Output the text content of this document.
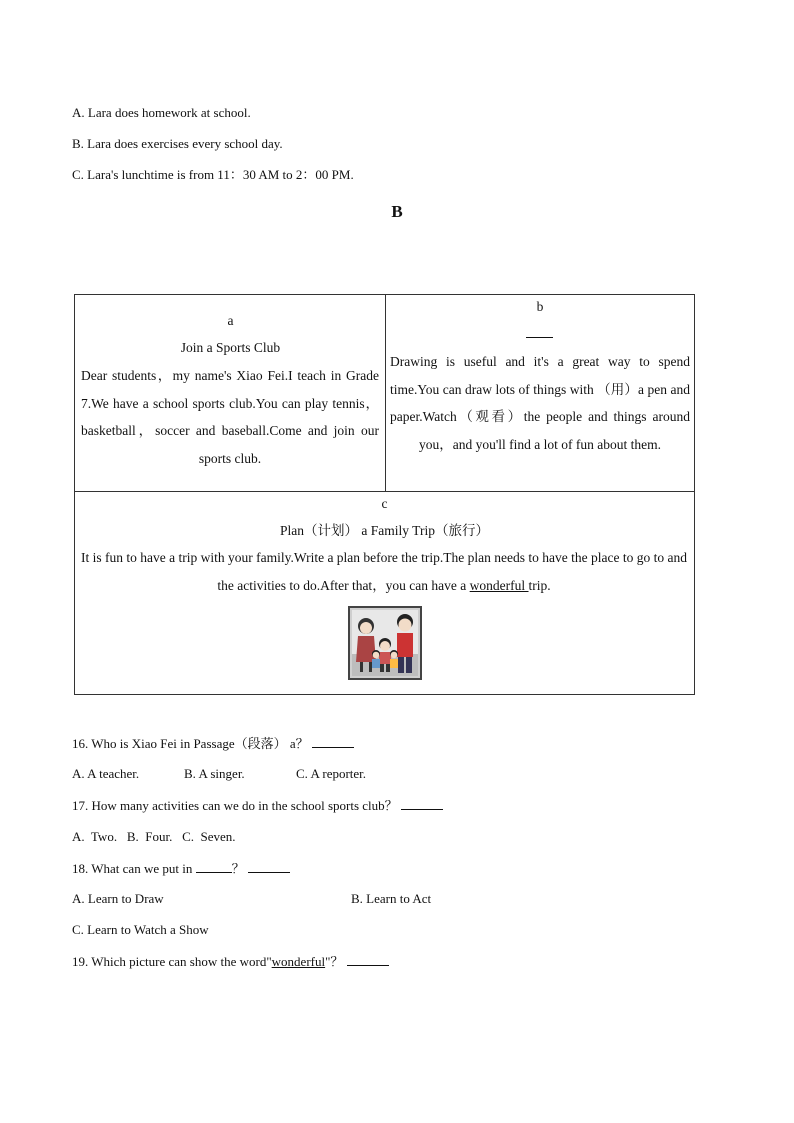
A. Lara does homework at school.
B. Lara does exercises every school day.
C. Lara's lunchtime is from 11：30 AM to 2：00 PM.
B
a
Join a Sports Club
Dear students，my name's Xiao Fei.I teach in Grade 7.We have a school sports club.You can play tennis，basketball，soccer and baseball.Come and join our sports club.
b
Drawing is useful and it's a great way to spend time.You can draw lots of things with （用）a pen and paper.Watch（观看）the people and things around you，and you'll find a lot of fun about them.
c
Plan（计划） a Family Trip（旅行）
It is fun to have a trip with your family.Write a plan before the trip.The plan needs to have the place to go to and the activities to do.After that，you can have a wonderful trip.
16. Who is Xiao Fei in Passage（段落） a？
A. A teacher.	B. A singer.	C. A reporter.
17. How many activities can we do in the school sports club？
A.  Two.   B.  Four.   C.  Seven.
18. What can we put in	？
A. Learn to Draw	B. Learn to Act
C. Learn to Watch a Show
19. Which picture can show the word"wonderful"？
